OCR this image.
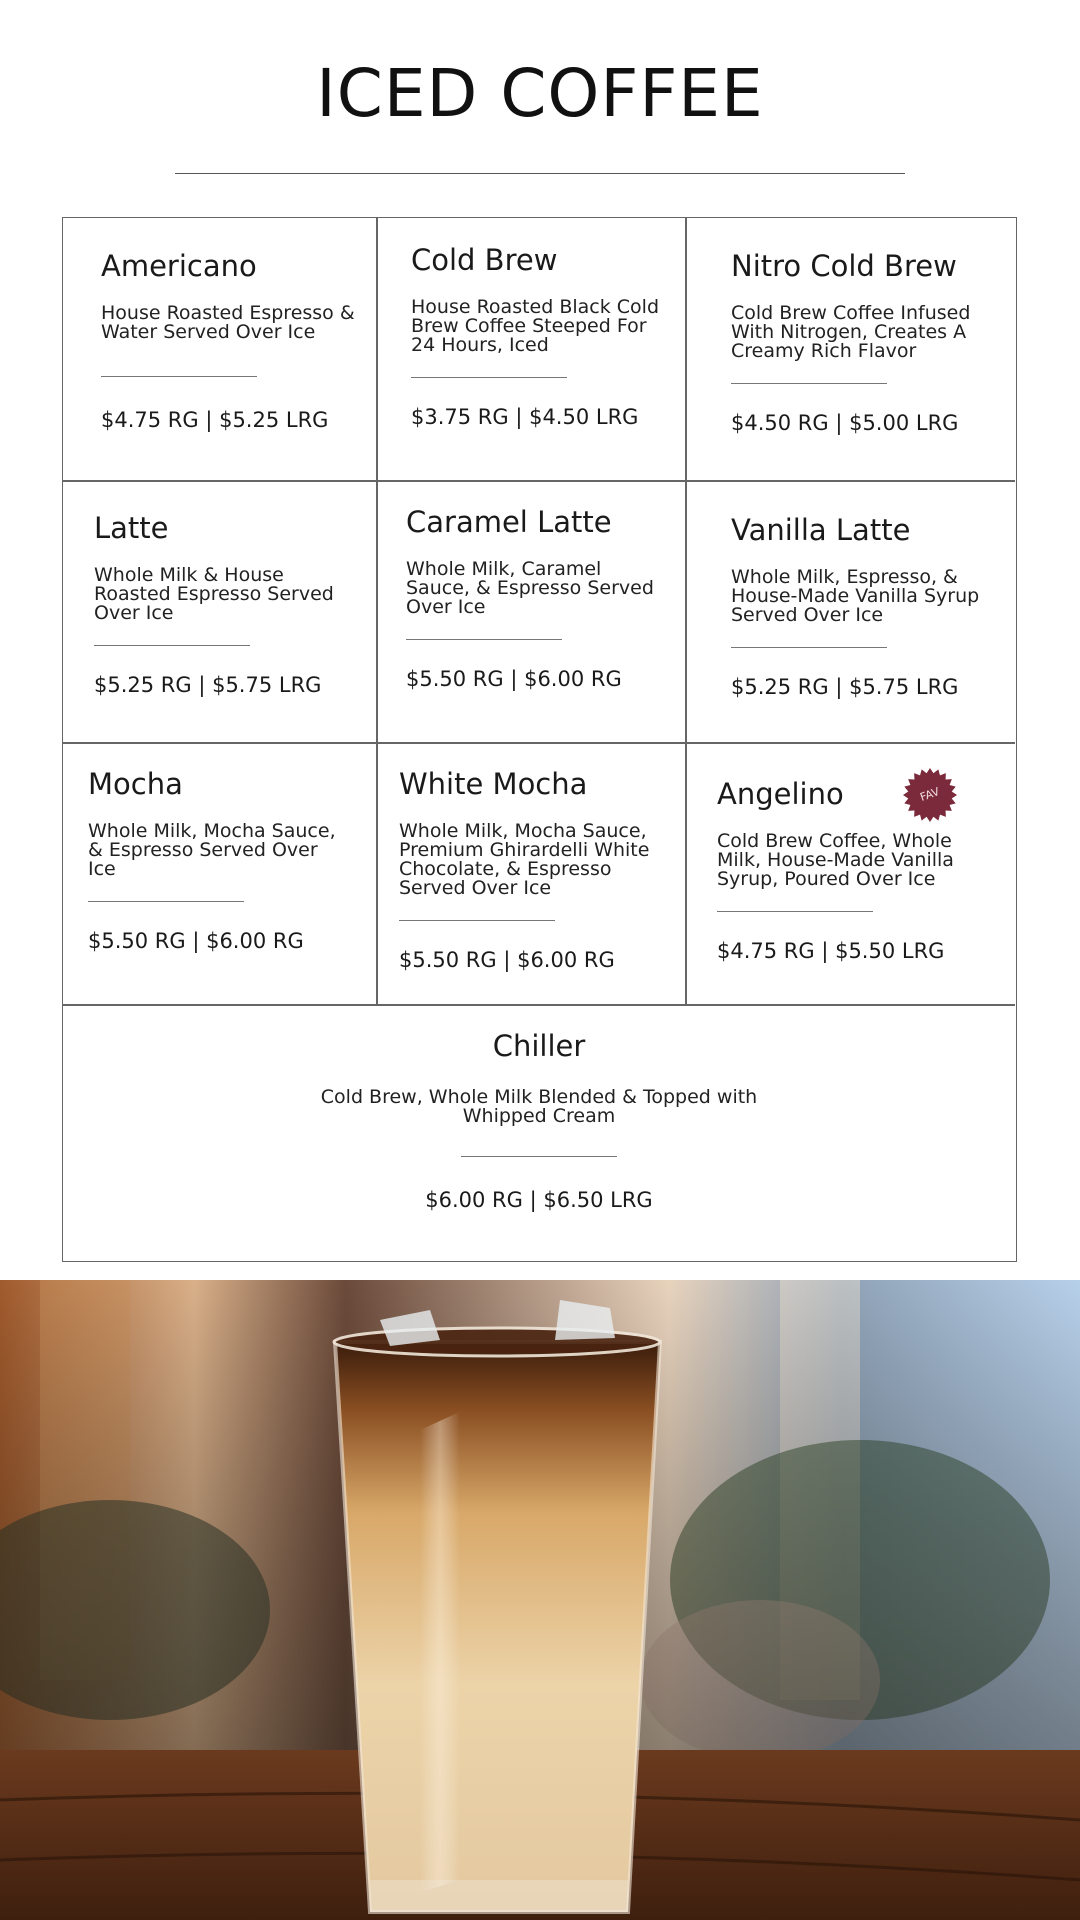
ICED COFFEE
Americano
House Roasted Espresso & Water Served Over Ice
$4.75 RG | $5.25 LRG
Cold Brew
House Roasted Black Cold Brew Coffee Steeped For 24 Hours, Iced
$3.75 RG | $4.50 LRG
Nitro Cold Brew
Cold Brew Coffee Infused With Nitrogen, Creates A Creamy Rich Flavor
$4.50 RG | $5.00 LRG
Latte
Whole Milk & House Roasted Espresso Served Over Ice
$5.25 RG | $5.75 LRG
Caramel Latte
Whole Milk, Caramel Sauce, & Espresso Served Over Ice
$5.50 RG | $6.00 RG
Vanilla Latte
Whole Milk, Espresso, & House-Made Vanilla Syrup Served Over Ice
$5.25 RG | $5.75 LRG
Mocha
Whole Milk, Mocha Sauce, & Espresso Served Over Ice
$5.50 RG | $6.00 RG
White Mocha
Whole Milk, Mocha Sauce, Premium Ghirardelli White Chocolate, & Espresso Served Over Ice
$5.50 RG | $6.00 RG
Angelino
Cold Brew Coffee, Whole Milk, House-Made Vanilla Syrup, Poured Over Ice
$4.75 RG | $5.50 LRG
FAV
Chiller
Cold Brew, Whole Milk Blended & Topped with Whipped Cream
$6.00 RG | $6.50 LRG
